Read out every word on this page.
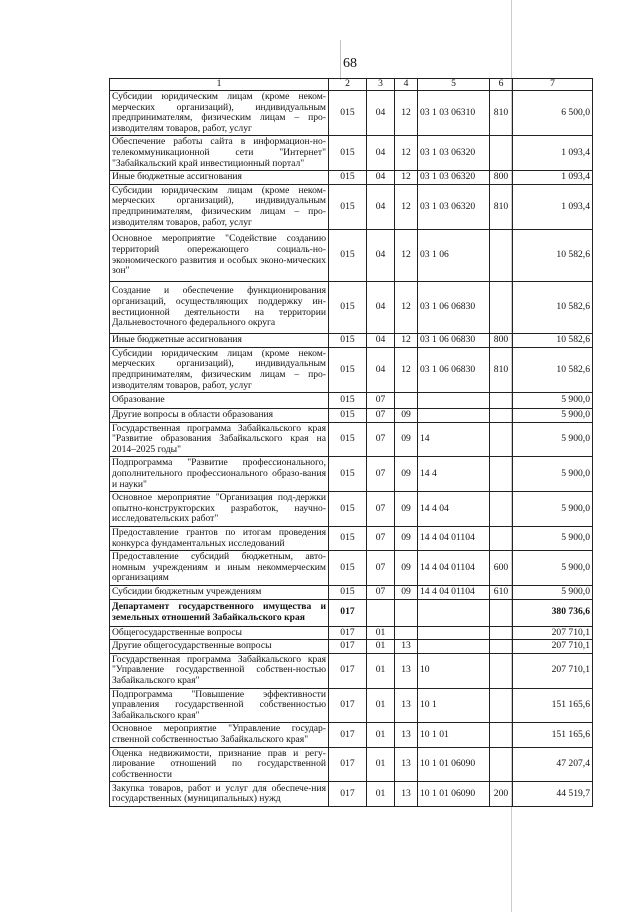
68
1	2	3	4	5	6	7
Субсидии юридическим лицам (кроме неком-мерческих организаций), индивидуальным предпринимателям, физическим лицам – про-изводителям товаров, работ, услуг	015	04	12	03 1 03 06310	810	6 500,0
Обеспечение работы сайта в информацион-но-телекоммуникационной сети "Интернет" "Забайкальский край инвестиционный портал"	015	04	12	03 1 03 06320		1 093,4
Иные бюджетные ассигнования	015	04	12	03 1 03 06320	800	1 093,4
Субсидии юридическим лицам (кроме неком-мерческих организаций), индивидуальным предпринимателям, физическим лицам – про-изводителям товаров, работ, услуг	015	04	12	03 1 03 06320	810	1 093,4
Основное мероприятие "Содействие созданию территорий опережающего социаль-но-экономического развития и особых эконо-мических зон"	015	04	12	03 1 06		10 582,6
Создание и обеспечение функционирования организаций, осуществляющих поддержку ин-вестиционной деятельности на территории Дальневосточного федерального округа	015	04	12	03 1 06 06830		10 582,6
Иные бюджетные ассигнования	015	04	12	03 1 06 06830	800	10 582,6
Субсидии юридическим лицам (кроме неком-мерческих организаций), индивидуальным предпринимателям, физическим лицам – про-изводителям товаров, работ, услуг	015	04	12	03 1 06 06830	810	10 582,6
Образование	015	07				5 900,0
Другие вопросы в области образования	015	07	09			5 900,0
Государственная программа Забайкальского края "Развитие образования Забайкальского края на 2014–2025 годы"	015	07	09	14		5 900,0
Подпрограмма "Развитие профессионального, дополнительного профессионального образо-вания и науки"	015	07	09	14 4		5 900,0
Основное мероприятие "Организация под-держки опытно-конструкторских разработок, научно-исследовательских работ"	015	07	09	14 4 04		5 900,0
Предоставление грантов по итогам проведения конкурса фундаментальных исследований	015	07	09	14 4 04 01104		5 900,0
Предоставление субсидий бюджетным, авто-номным учреждениям и иным некоммерческим организациям	015	07	09	14 4 04 01104	600	5 900,0
Субсидии бюджетным учреждениям	015	07	09	14 4 04 01104	610	5 900,0
Департамент государственного имущества и земельных отношений Забайкальского края	017					380 736,6
Общегосударственные вопросы	017	01				207 710,1
Другие общегосударственные вопросы	017	01	13			207 710,1
Государственная программа Забайкальского края "Управление государственной собствен-ностью Забайкальского края"	017	01	13	10		207 710,1
Подпрограмма "Повышение эффективности управления государственной собственностью Забайкальского края"	017	01	13	10 1		151 165,6
Основное мероприятие "Управление государ-ственной собственностью Забайкальского края"	017	01	13	10 1 01		151 165,6
Оценка недвижимости, признание прав и регу-лирование отношений по государственной собственности	017	01	13	10 1 01 06090		47 207,4
Закупка товаров, работ и услуг для обеспече-ния государственных (муниципальных) нужд	017	01	13	10 1 01 06090	200	44 519,7
